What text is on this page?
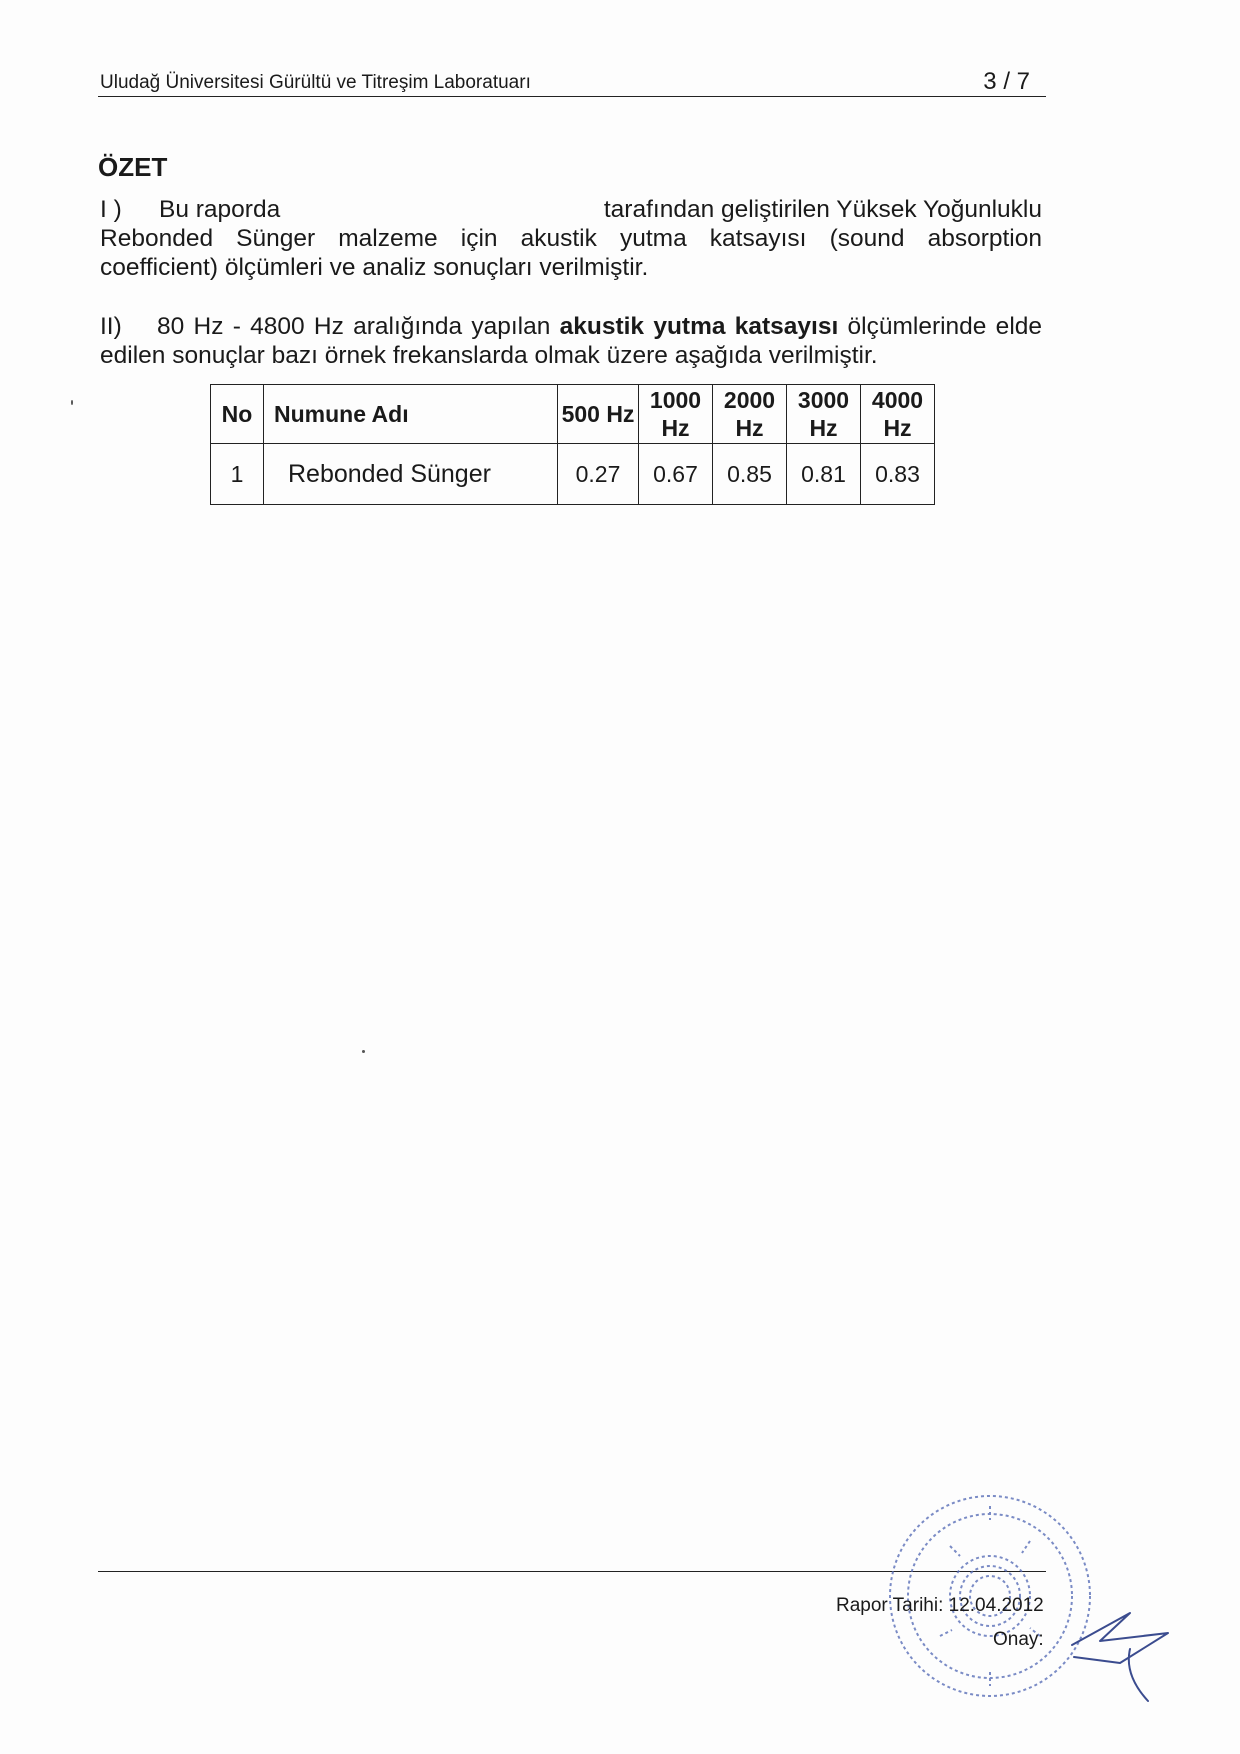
Uludağ Üniversitesi Gürültü ve Titreşim Laboratuarı	3 / 7
ÖZET
I ) Bu raporda	tarafından geliştirilen Yüksek Yoğunluklu
Rebonded Sünger malzeme için akustik yutma katsayısı (sound absorption
coefficient) ölçümleri ve analiz sonuçları verilmiştir.
II) 80 Hz - 4800 Hz aralığında yapılan akustik yutma katsayısı ölçümlerinde elde
edilen sonuçlar bazı örnek frekanslarda olmak üzere aşağıda verilmiştir.
No	Numune Adı	500 Hz	1000 Hz	2000 Hz	3000 Hz	4000 Hz
1	Rebonded Sünger	0.27	0.67	0.85	0.81	0.83
Rapor Tarihi: 12.04.2012
Onay:
